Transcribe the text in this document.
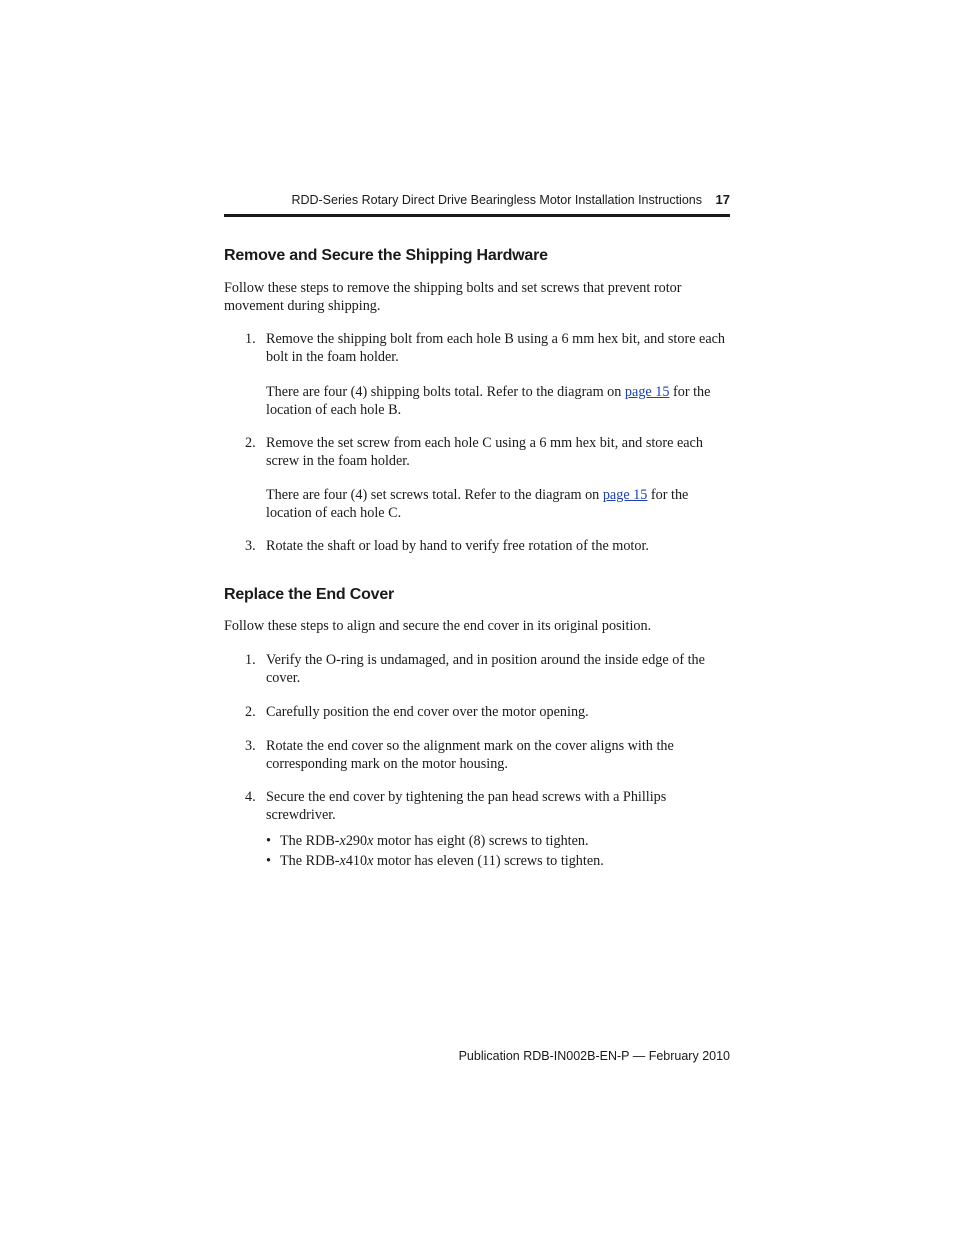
RDD-Series Rotary Direct Drive Bearingless Motor Installation Instructions 17
Remove and Secure the Shipping Hardware
Follow these steps to remove the shipping bolts and set screws that prevent rotor movement during shipping.
1. Remove the shipping bolt from each hole B using a 6 mm hex bit, and store each bolt in the foam holder.
There are four (4) shipping bolts total. Refer to the diagram on page 15 for the location of each hole B.
2. Remove the set screw from each hole C using a 6 mm hex bit, and store each screw in the foam holder.
There are four (4) set screws total. Refer to the diagram on page 15 for the location of each hole C.
3. Rotate the shaft or load by hand to verify free rotation of the motor.
Replace the End Cover
Follow these steps to align and secure the end cover in its original position.
1. Verify the O-ring is undamaged, and in position around the inside edge of the cover.
2. Carefully position the end cover over the motor opening.
3. Rotate the end cover so the alignment mark on the cover aligns with the corresponding mark on the motor housing.
4. Secure the end cover by tightening the pan head screws with a Phillips screwdriver.
• The RDB-x290x motor has eight (8) screws to tighten.
• The RDB-x410x motor has eleven (11) screws to tighten.
Publication RDB-IN002B-EN-P — February 2010
